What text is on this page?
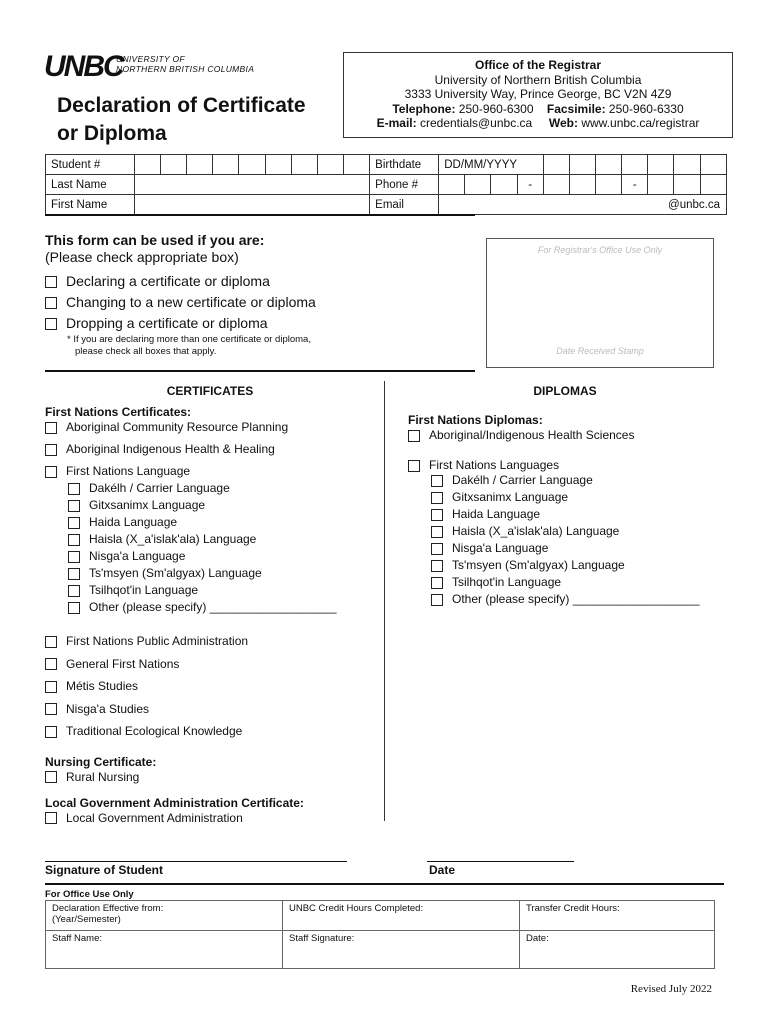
UNBC
UNIVERSITY OF
NORTHERN BRITISH COLUMBIA
Declaration of Certificate
or Diploma
Office of the Registrar
University of Northern British Columbia
3333 University Way, Prince George, BC V2N 4Z9
Telephone: 250-960-6300 Facsimile: 250-960-6330
E-mail: credentials@unbc.ca Web: www.unbc.ca/registrar
Student #										Birthdate	DD/MM/YYYY										
Last Name										Phone #				-				-			
First Name										Email	@unbc.ca										
This form can be used if you are:
(Please check appropriate box)
Declaring a certificate or diploma
Changing to a new certificate or diploma
Dropping a certificate or diploma
* If you are declaring more than one certificate or diploma,
please check all boxes that apply.
For Registrar's Office Use Only
Date Received Stamp
CERTIFICATES
First Nations Certificates:
Aboriginal Community Resource Planning
Aboriginal Indigenous Health & Healing
First Nations Language
Dakélh / Carrier Language
Gitxsanimx Language
Haida Language
Haisla (X_a'islak'ala) Language
Nisga'a Language
Ts'msyen (Sm'algyax) Language
Tsilhqot'in Language
Other (please specify) ___________________
First Nations Public Administration
General First Nations
Métis Studies
Nisga'a Studies
Traditional Ecological Knowledge
Nursing Certificate:
Rural Nursing
Local Government Administration Certificate:
Local Government Administration
DIPLOMAS
First Nations Diplomas:
Aboriginal/Indigenous Health Sciences
First Nations Languages
Dakélh / Carrier Language
Gitxsanimx Language
Haida Language
Haisla (X_a'islak'ala) Language
Nisga'a Language
Ts'msyen (Sm'algyax) Language
Tsilhqot'in Language
Other (please specify) ___________________
Signature of Student	Date
For Office Use Only
Declaration Effective from:
(Year/Semester)	UNBC Credit Hours Completed:	Transfer Credit Hours:
Staff Name:	Staff Signature:	Date:
Revised July 2022
